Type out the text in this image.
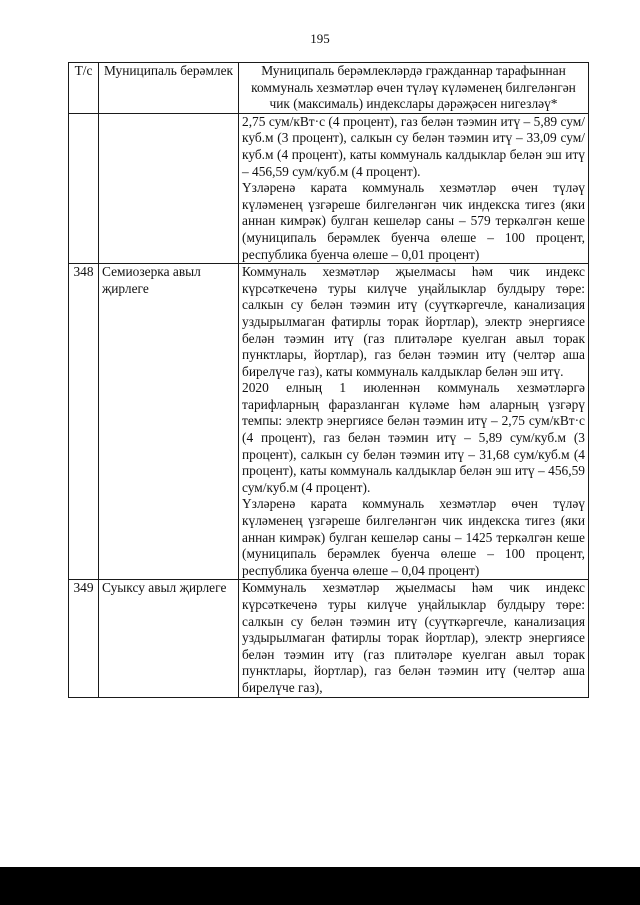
195
Т/с	Муниципаль берәмлек	Муниципаль берәмлекләрдә гражданнар тарафыннан коммуналь хезмәтләр өчен түләү күләменең билгеләнгән чик (максималь) индекслары дәрәҗәсен нигезләү*

		2,75 сум/кВт·с (4 процент), газ белән тәэмин итү – 5,89 сум/куб.м (3 процент), салкын су белән тәэмин итү – 33,09 сум/куб.м (4 процент), каты коммуналь калдыклар белән эш итү – 456,59 сум/куб.м (4 процент).

Үзләренә карата коммуналь хезмәтләр өчен түләү күләменең үзгәреше билгеләнгән чик индекска тигез (яки аннан кимрәк) булган кешеләр саны – 579 теркәлгән кеше (муниципаль берәмлек буенча өлеше – 100 процент, республика буенча өлеше – 0,01 процент)

348	Семиозерка авыл җирлеге	Коммуналь хезмәтләр җыелмасы һәм чик индекс күрсәткеченә туры килүче уңайлыклар булдыру төре: салкын су белән тәэмин итү (суүткәргечле, канализация уздырылмаган фатирлы торак йортлар), электр энергиясе белән тәэмин итү (газ плитәләре куелган авыл торак пунктлары, йортлар), газ белән тәэмин итү (челтәр аша бирелүче газ), каты коммуналь калдыклар белән эш итү.

2020 елның 1 июленнән коммуналь хезмәтләргә тарифларның фаразланган күләме һәм аларның үзгәрү темпы: электр энергиясе белән тәэмин итү – 2,75 сум/кВт·с (4 процент), газ белән тәэмин итү – 5,89 сум/куб.м (3 процент), салкын су белән тәэмин итү – 31,68 сум/куб.м (4 процент), каты коммуналь калдыклар белән эш итү – 456,59 сум/куб.м (4 процент).

Үзләренә карата коммуналь хезмәтләр өчен түләү күләменең үзгәреше билгеләнгән чик индекска тигез (яки аннан кимрәк) булган кешеләр саны – 1425 теркәлгән кеше (муниципаль берәмлек буенча өлеше – 100 процент, республика буенча өлеше – 0,04 процент)

349	Суыксу авыл җирлеге	Коммуналь хезмәтләр җыелмасы һәм чик индекс күрсәткеченә туры килүче уңайлыклар булдыру төре: салкын су белән тәэмин итү (суүткәргечле, канализация уздырылмаган фатирлы торак йортлар), электр энергиясе белән тәэмин итү (газ плитәләре куелган авыл торак пунктлары, йортлар), газ белән тәэмин итү (челтәр аша бирелүче газ),
